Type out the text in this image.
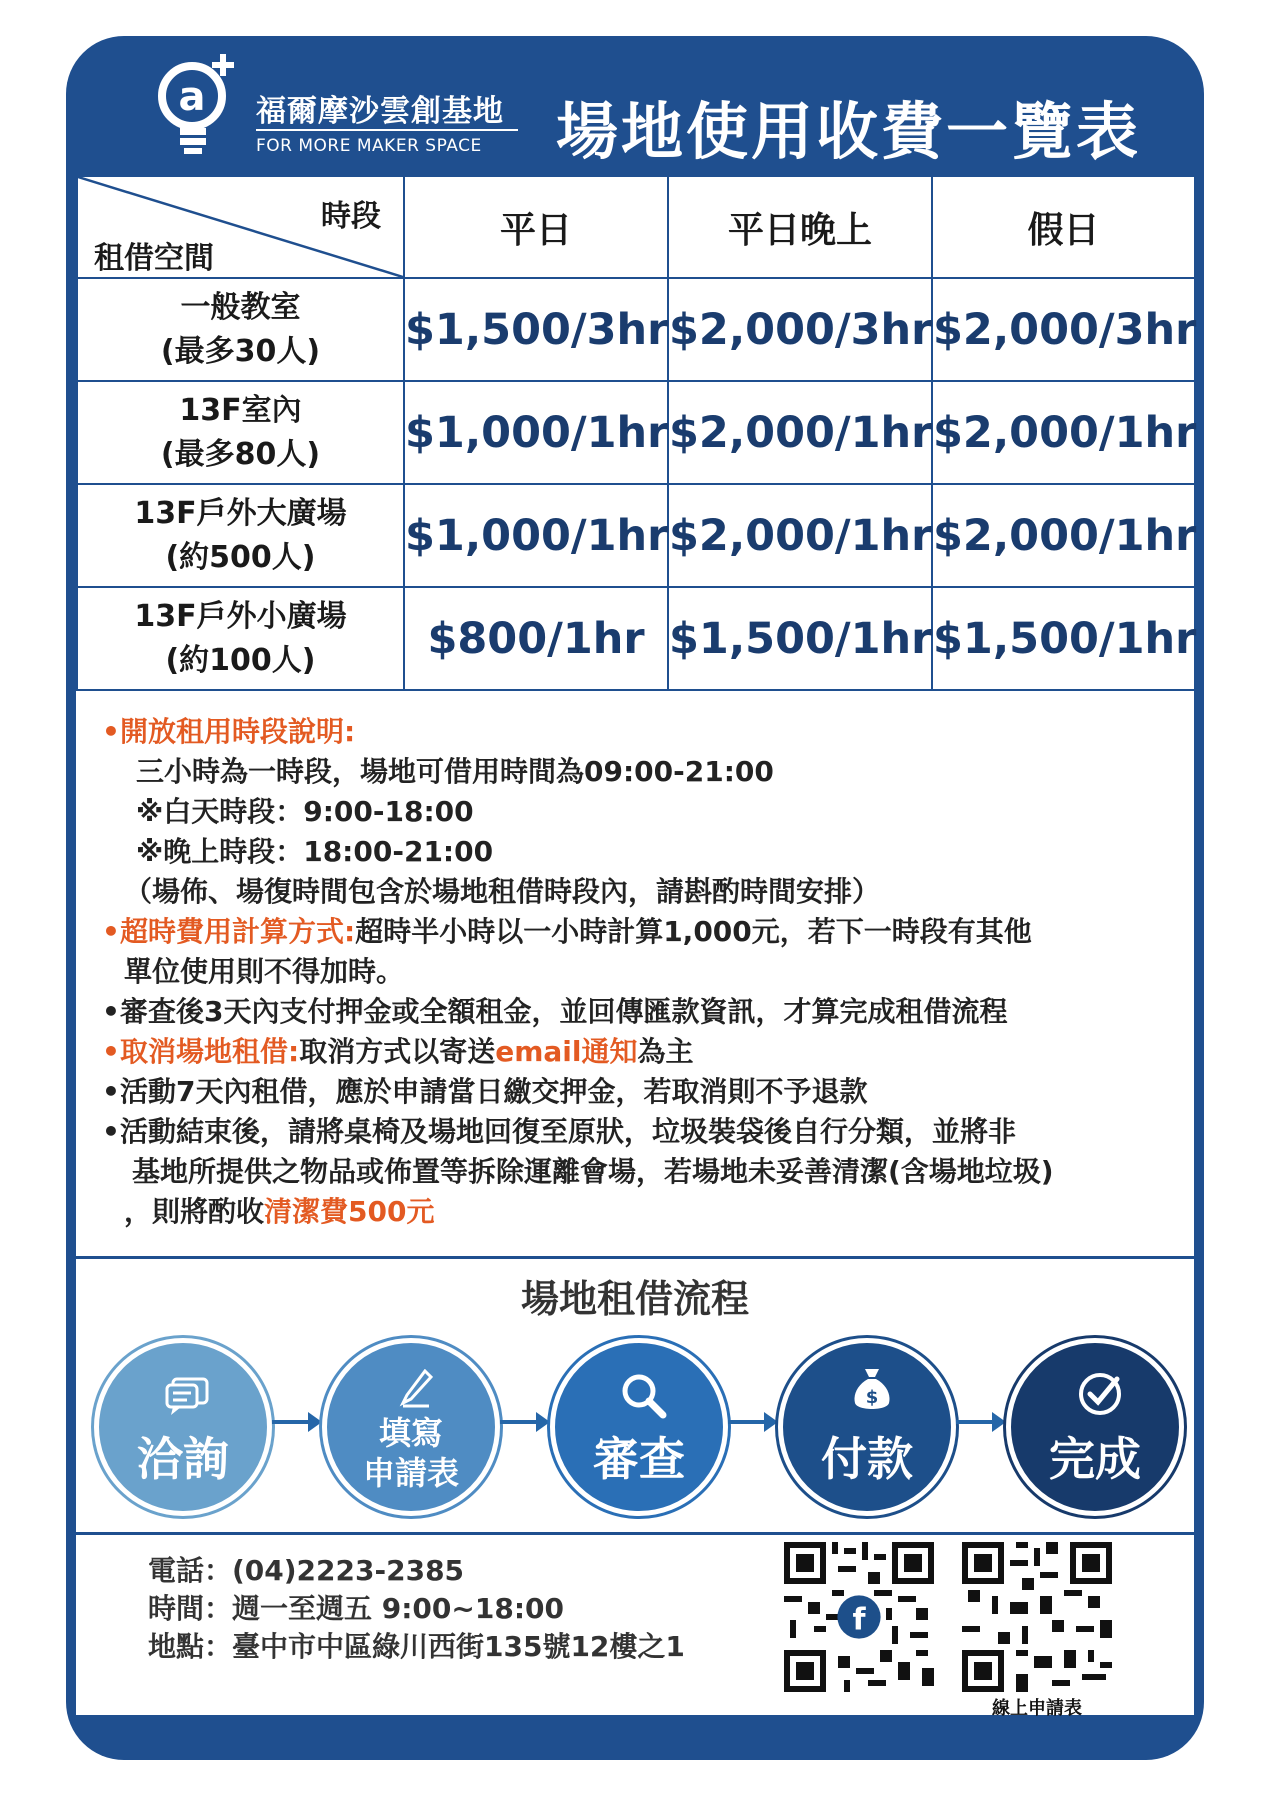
a 福爾摩沙雲創基地
FOR MORE MAKER SPACE 場地使用收費一覽表
時段
租借空間	平日	平日晚上	假日

一般教室
(最多30人)	$1,500/3hr	$2,000/3hr	$2,000/3hr

13F室內
(最多80人)	$1,000/1hr	$2,000/1hr	$2,000/1hr

13F戶外大廣場
(約500人)	$1,000/1hr	$2,000/1hr	$2,000/1hr

13F戶外小廣場
(約100人)	$800/1hr	$1,500/1hr	$1,500/1hr
•開放租用時段說明:
三小時為一時段，場地可借用時間為09:00-21:00
※白天時段：9:00-18:00
※晚上時段：18:00-21:00
（場佈、場復時間包含於場地租借時段內，請斟酌時間安排）
•超時費用計算方式:超時半小時以一小時計算1,000元，若下一時段有其他
單位使用則不得加時。
•審查後3天內支付押金或全額租金，並回傳匯款資訊，才算完成租借流程
•取消場地租借:取消方式以寄送email通知為主
•活動7天內租借，應於申請當日繳交押金，若取消則不予退款
•活動結束後，請將桌椅及場地回復至原狀，垃圾裝袋後自行分類，並將非
基地所提供之物品或佈置等拆除運離會場，若場地未妥善清潔(含場地垃圾)
，則將酌收清潔費500元
場地租借流程
洽詢	填寫
申請表	審查
$
付款	完成
電話：(04)2223-2385
時間：週一至週五 9:00~18:00
地點：臺中市中區綠川西街135號12樓之1
f
線上申請表
